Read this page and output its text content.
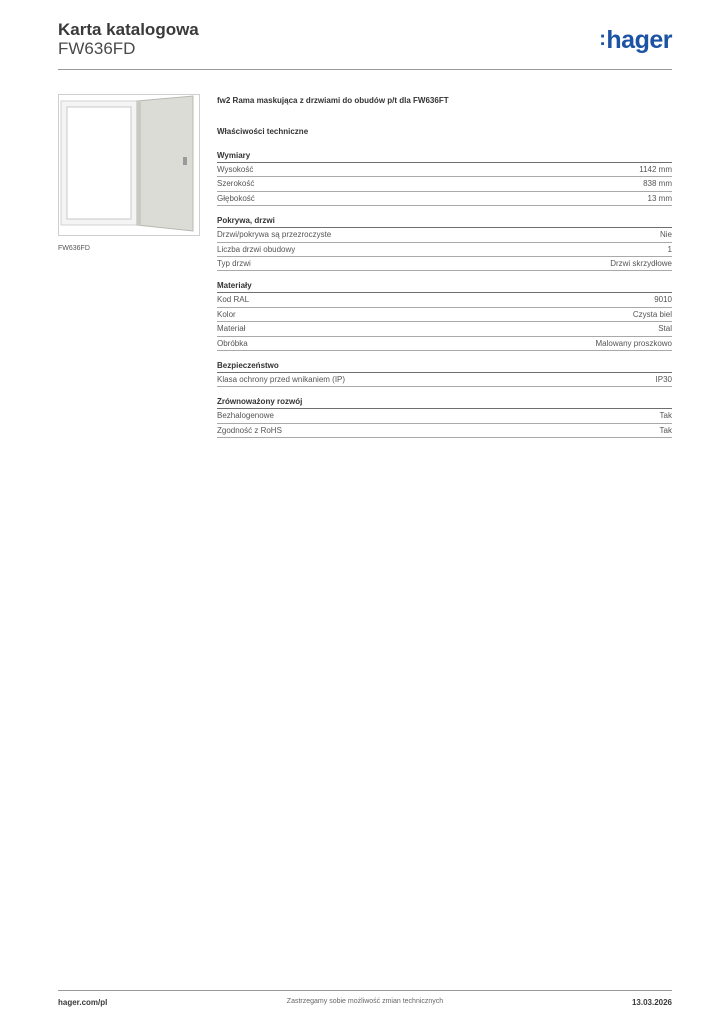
Karta katalogowa
FW636FD	:hager
FW636FD
fw2 Rama maskująca z drzwiami do obudów p/t dla FW636FT
Właściwości techniczne
Wymiary
Wysokość	1142 mm
Szerokość	838 mm
Głębokość	13 mm
Pokrywa, drzwi
Drzwi/pokrywa są przezroczyste	Nie
Liczba drzwi obudowy	1
Typ drzwi	Drzwi skrzydłowe
Materiały
Kod RAL	9010
Kolor	Czysta biel
Materiał	Stal
Obróbka	Malowany proszkowo
Bezpieczeństwo
Klasa ochrony przed wnikaniem (IP)	IP30
Zrównoważony rozwój
Bezhalogenowe	Tak
Zgodność z RoHS	Tak
hager.com/pl	Zastrzegamy sobie możliwość zmian technicznych	13.03.2026
